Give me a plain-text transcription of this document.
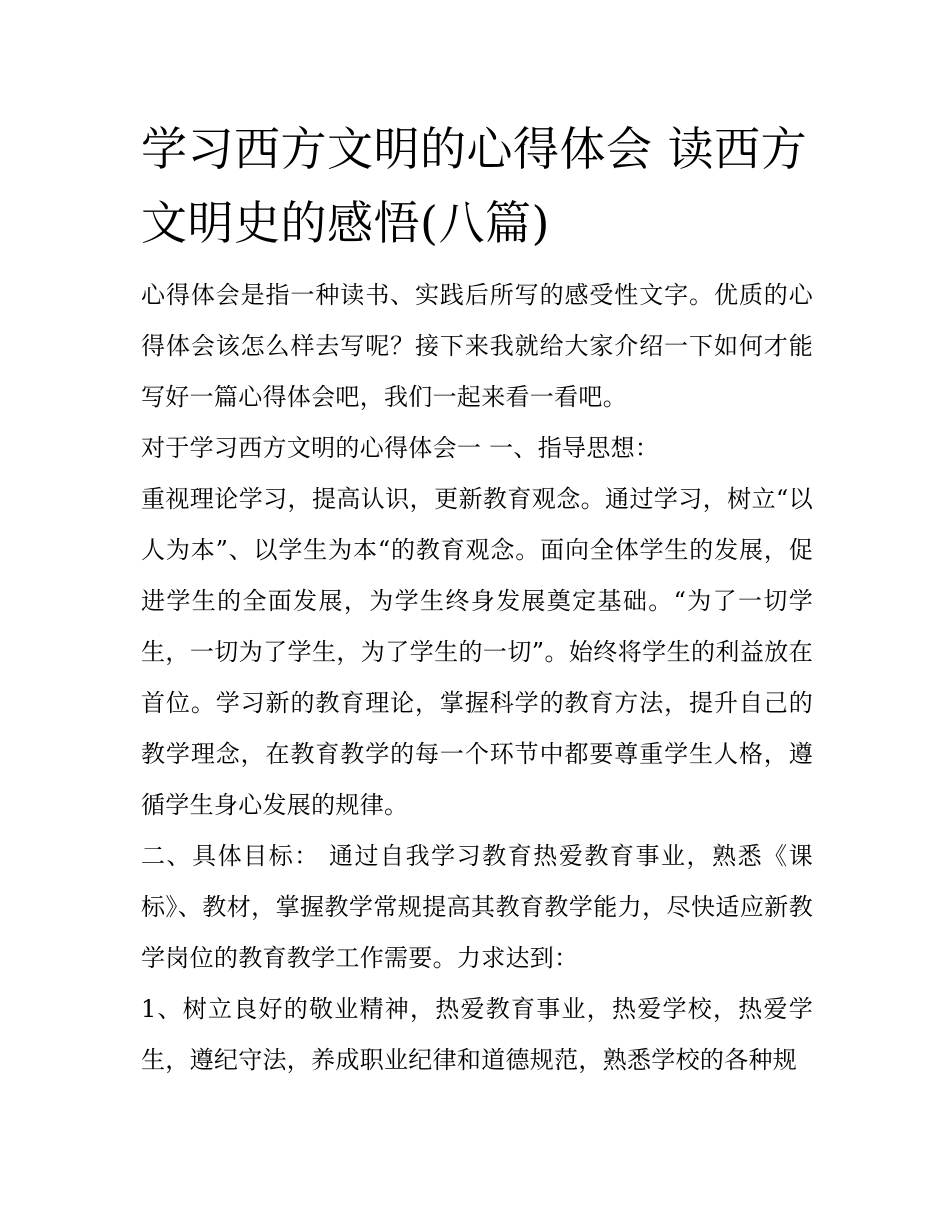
学习西方文明的心得体会 读西方文明史的感悟(八篇)

心得体会是指一种读书、实践后所写的感受性文字。优质的心得体会该怎么样去写呢？接下来我就给大家介绍一下如何才能写好一篇心得体会吧，我们一起来看一看吧。

对于学习西方文明的心得体会一 一、指导思想：

重视理论学习，提高认识，更新教育观念。通过学习，树立“以人为本”、以学生为本“的教育观念。面向全体学生的发展，促进学生的全面发展，为学生终身发展奠定基础。“为了一切学生，一切为了学生，为了学生的一切”。始终将学生的利益放在首位。学习新的教育理论，掌握科学的教育方法，提升自己的教学理念，在教育教学的每一个环节中都要尊重学生人格，遵循学生身心发展的规律。

二、具体目标： 通过自我学习教育热爱教育事业，熟悉《课标》、教材，掌握教学常规提高其教育教学能力，尽快适应新教学岗位的教育教学工作需要。力求达到：

1、树立良好的敬业精神，热爱教育事业，热爱学校，热爱学生，遵纪守法，养成职业纪律和道德规范，熟悉学校的各种规
